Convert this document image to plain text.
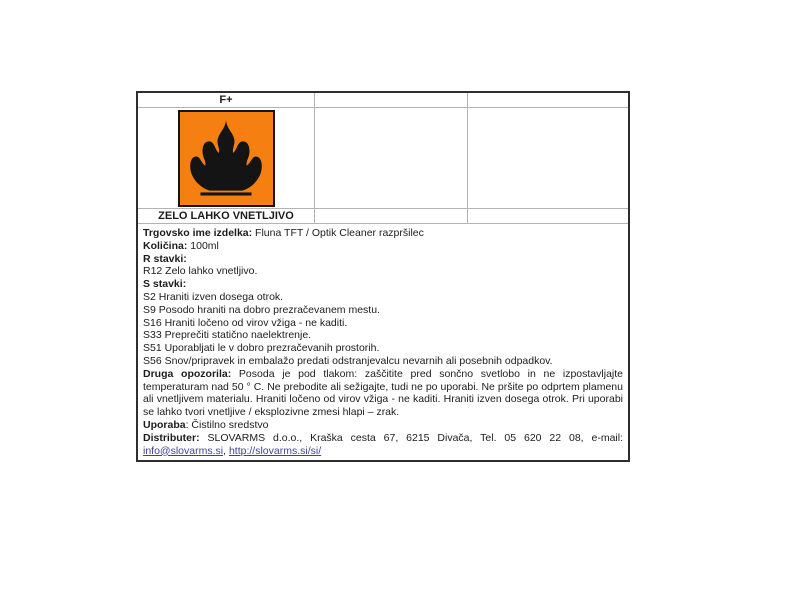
F+
ZELO LAHKO VNETLJIVO
Trgovsko ime izdelka: Fluna TFT / Optik Cleaner razpršilec
Količina: 100ml
R stavki:
R12 Zelo lahko vnetljivo.
S stavki:
S2 Hraniti izven dosega otrok.
S9 Posodo hraniti na dobro prezračevanem mestu.
S16 Hraniti ločeno od virov vžiga - ne kaditi.
S33 Preprečiti statično naelektrenje.
S51 Uporabljati le v dobro prezračevanih prostorih.
S56 Snov/pripravek in embalažo predati odstranjevalcu nevarnih ali posebnih odpadkov.
Druga opozorila: Posoda je pod tlakom: zaščitite pred sončno svetlobo in ne izpostavljajte temperaturam nad 50 ° C. Ne prebodite ali sežigajte, tudi ne po uporabi. Ne pršite po odprtem plamenu ali vnetljivem materialu. Hraniti ločeno od virov vžiga - ne kaditi. Hraniti izven dosega otrok. Pri uporabi se lahko tvori vnetljive / eksplozivne zmesi hlapi – zrak.
Uporaba: Čistilno sredstvo
Distributer: SLOVARMS d.o.o., Kraška cesta 67, 6215 Divača, Tel. 05 620 22 08, e-mail: info@slovarms.si, http://slovarms.si/si/
